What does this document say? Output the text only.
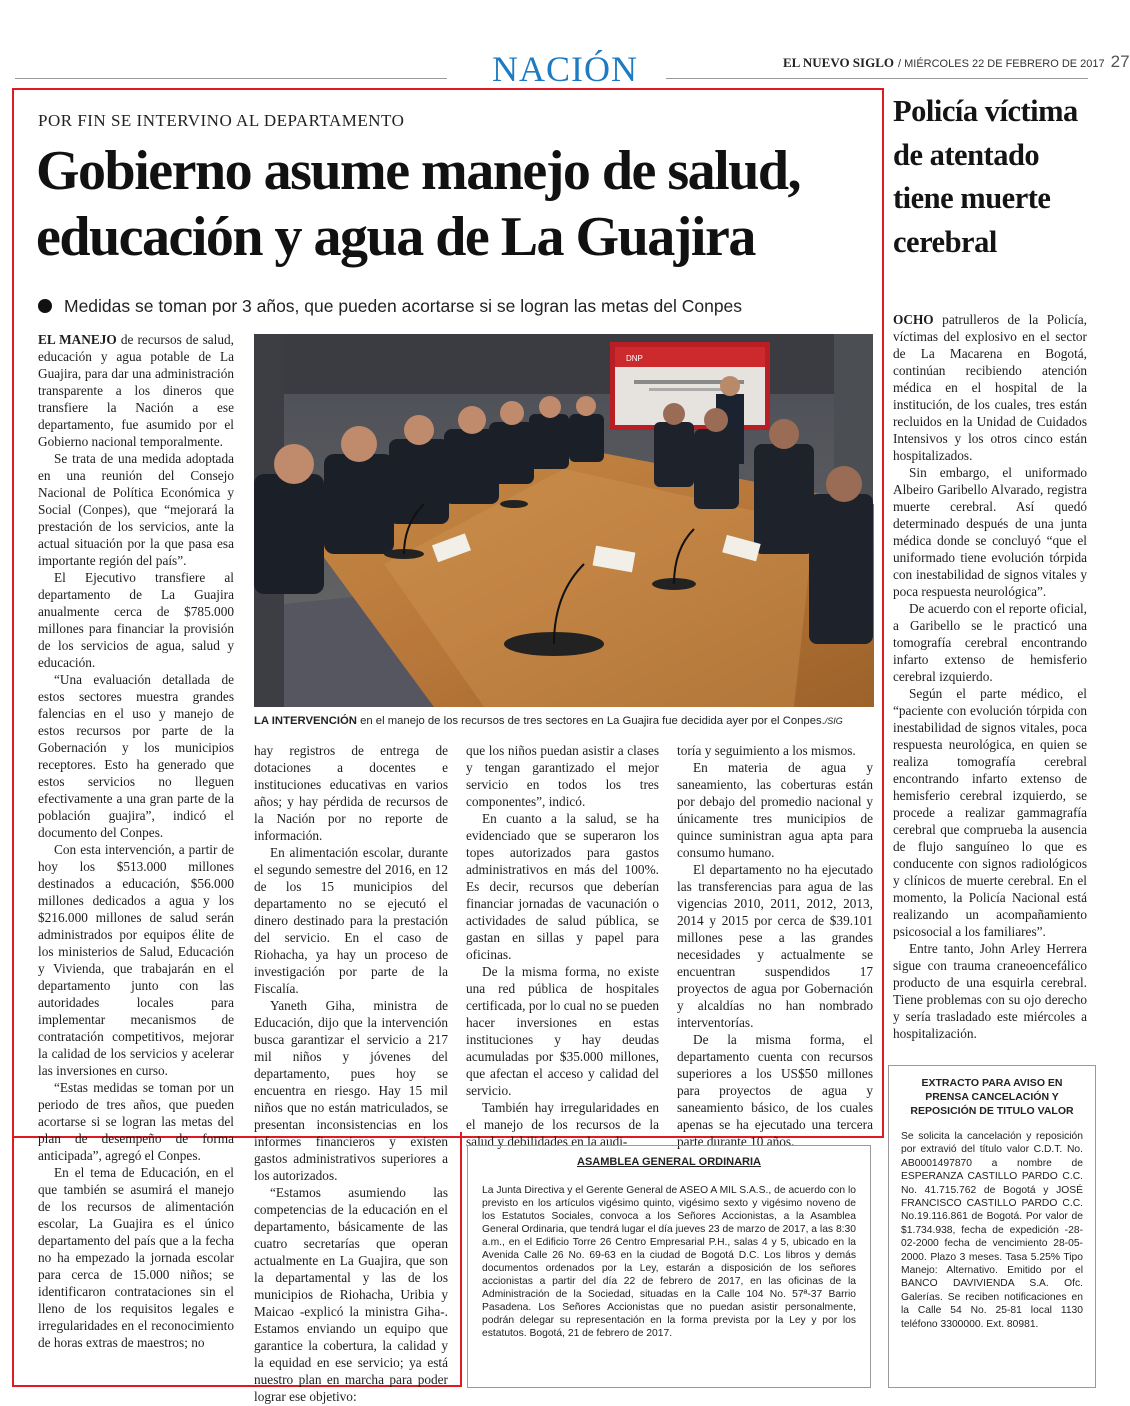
NACIÓN	EL NUEVO SIGLO / MIÉRCOLES 22 DE FEBRERO DE 2017 27
POR FIN SE INTERVINO AL DEPARTAMENTO
Gobierno asume manejo de salud,
educación y agua de La Guajira
Medidas se toman por 3 años, que pueden acortarse si se logran las metas del Conpes
DNP
LA INTERVENCIÓN en el manejo de los recursos de tres sectores en La Guajira fue decidida ayer por el Conpes./SIG

EL MANEJO de recursos de salud, educación y agua potable de La Guajira, para dar una administración transparente a los dineros que transfiere la Nación a ese departamento, fue asumido por el Gobierno nacional temporalmente.

Se trata de una medida adoptada en una reunión del Consejo Nacional de Política Económica y Social (Conpes), que “mejorará la prestación de los servicios, ante la actual situación por la que pasa esa importante región del país”.

El Ejecutivo transfiere al departamento de La Guajira anualmente cerca de $785.000 millones para financiar la provisión de los servicios de agua, salud y educación.

“Una evaluación detallada de estos sectores muestra grandes falencias en el uso y manejo de estos recursos por parte de la Gobernación y los municipios receptores. Esto ha generado que estos servicios no lleguen efectivamente a una gran parte de la población guajira”, indicó el documento del Conpes.

Con esta intervención, a partir de hoy los $513.000 millones destinados a educación, $56.000 millones dedicados a agua y los $216.000 millones de salud serán administrados por equipos élite de los ministerios de Salud, Educación y Vivienda, que trabajarán en el departamento junto con las autoridades locales para implementar mecanismos de contratación competitivos, mejorar la calidad de los servicios y acelerar las inversiones en curso.

“Estas medidas se toman por un periodo de tres años, que pueden acortarse si se logran las metas del plan de desempeño de forma anticipada”, agregó el Conpes.

En el tema de Educación, en el que también se asumirá el manejo de los recursos de alimentación escolar, La Guajira es el único departamento del país que a la fecha no ha empezado la jornada escolar para cerca de 15.000 niños; se identificaron contrataciones sin el lleno de los requisitos legales e irregularidades en el reconocimiento de horas extras de maestros; no

hay registros de entrega de dotaciones a docentes e instituciones educativas en varios años; y hay pérdida de recursos de la Nación por no reporte de información.

En alimentación escolar, durante el segundo semestre del 2016, en 12 de los 15 municipios del departamento no se ejecutó el dinero destinado para la prestación del servicio. En el caso de Riohacha, ya hay un proceso de investigación por parte de la Fiscalía.

Yaneth Giha, ministra de Educación, dijo que la intervención busca garantizar el servicio a 217 mil niños y jóvenes del departamento, pues hoy se encuentra en riesgo. Hay 15 mil niños que no están matriculados, se presentan inconsistencias en los informes financieros y existen gastos administrativos superiores a los autorizados.

“Estamos asumiendo las competencias de la educación en el departamento, básicamente de las cuatro secretarías que operan actualmente en La Guajira, que son la departamental y las de los municipios de Riohacha, Uribia y Maicao -explicó la ministra Giha-. Estamos enviando un equipo que garantice la cobertura, la calidad y la equidad en ese servicio; ya está nuestro plan en marcha para poder lograr ese objetivo:

que los niños puedan asistir a clases y tengan garantizado el mejor servicio en todos los tres componentes”, indicó.

En cuanto a la salud, se ha evidenciado que se superaron los topes autorizados para gastos administrativos en más del 100%. Es decir, recursos que deberían financiar jornadas de vacunación o actividades de salud pública, se gastan en sillas y papel para oficinas.

De la misma forma, no existe una red pública de hospitales certificada, por lo cual no se pueden hacer inversiones en estas instituciones y hay deudas acumuladas por $35.000 millones, que afectan el acceso y calidad del servicio.

También hay irregularidades en el manejo de los recursos de la salud y debilidades en la audi-

toría y seguimiento a los mismos.

En materia de agua y saneamiento, las coberturas están por debajo del promedio nacional y únicamente tres municipios de quince suministran agua apta para consumo humano.

El departamento no ha ejecutado las transferencias para agua de las vigencias 2010, 2011, 2012, 2013, 2014 y 2015 por cerca de $39.101 millones pese a las grandes necesidades y actualmente se encuentran suspendidos 17 proyectos de agua por Gobernación y alcaldías no han nombrado interventorías.

De la misma forma, el departamento cuenta con recursos superiores a los US$50 millones para proyectos de agua y saneamiento básico, de los cuales apenas se ha ejecutado una tercera parte durante 10 años.

Policía víctima de atentado tiene muerte cerebral

OCHO patrulleros de la Policía, víctimas del explosivo en el sector de La Macarena en Bogotá, continúan recibiendo atención médica en el hospital de la institución, de los cuales, tres están recluidos en la Unidad de Cuidados Intensivos y los otros cinco están hospitalizados.

Sin embargo, el uniformado Albeiro Garibello Alvarado, registra muerte cerebral. Así quedó determinado después de una junta médica donde se concluyó “que el uniformado tiene evolución tórpida con inestabilidad de signos vitales y poca respuesta neurológica”.

De acuerdo con el reporte oficial, a Garibello se le practicó una tomografía cerebral encontrando infarto extenso de hemisferio cerebral izquierdo.

Según el parte médico, el “paciente con evolución tórpida con inestabilidad de signos vitales, poca respuesta neurológica, en quien se realiza tomografía cerebral encontrando infarto extenso de hemisferio cerebral izquierdo, se procede a realizar gammagrafía cerebral que comprueba la ausencia de flujo sanguíneo lo que es conducente con signos radiológicos y clínicos de muerte cerebral. En el momento, la Policía Nacional está realizando un acompañamiento psicosocial a los familiares”.

Entre tanto, John Arley Herrera sigue con trauma craneoencefálico producto de una esquirla cerebral. Tiene problemas con su ojo derecho y sería trasladado este miércoles a hospitalización.

ASAMBLEA GENERAL ORDINARIA
La Junta Directiva y el Gerente General de ASEO A MIL S.A.S., de acuerdo con lo previsto en los artículos vigésimo quinto, vigésimo sexto y vigésimo noveno de los Estatutos Sociales, convoca a los Señores Accionistas, a la Asamblea General Ordinaria, que tendrá lugar el día jueves 23 de marzo de 2017, a las 8:30 a.m., en el Edificio Torre 26 Centro Empresarial P.H., salas 4 y 5, ubicado en la Avenida Calle 26 No. 69-63 en la ciudad de Bogotá D.C. Los libros y demás documentos ordenados por la Ley, estarán a disposición de los señores accionistas a partir del día 22 de febrero de 2017, en las oficinas de la Administración de la Sociedad, situadas en la Calle 104 No. 57ª-37 Barrio Pasadena. Los Señores Accionistas que no puedan asistir personalmente, podrán delegar su representación en la forma prevista por la Ley y por los estatutos. Bogotá, 21 de febrero de 2017.
EXTRACTO PARA AVISO EN PRENSA CANCELACIÓN Y REPOSICIÓN DE TITULO VALOR
Se solicita la cancelación y reposición por extravió del título valor C.D.T. No. AB0001497870 a nombre de ESPERANZA CASTILLO PARDO C.C. No. 41.715.762 de Bogotá y JOSÉ FRANCISCO CASTILLO PARDO C.C. No.19.116.861 de Bogotá. Por valor de $1.734.938, fecha de expedición -28-02-2000 fecha de vencimiento 28-05-2000. Plazo 3 meses. Tasa 5.25% Tipo Manejo: Alternativo. Emitido por el BANCO DAVIVIENDA S.A. Ofc. Galerías. Se reciben notificaciones en la Calle 54 No. 25-81 local 1130 teléfono 3300000. Ext. 80981.
